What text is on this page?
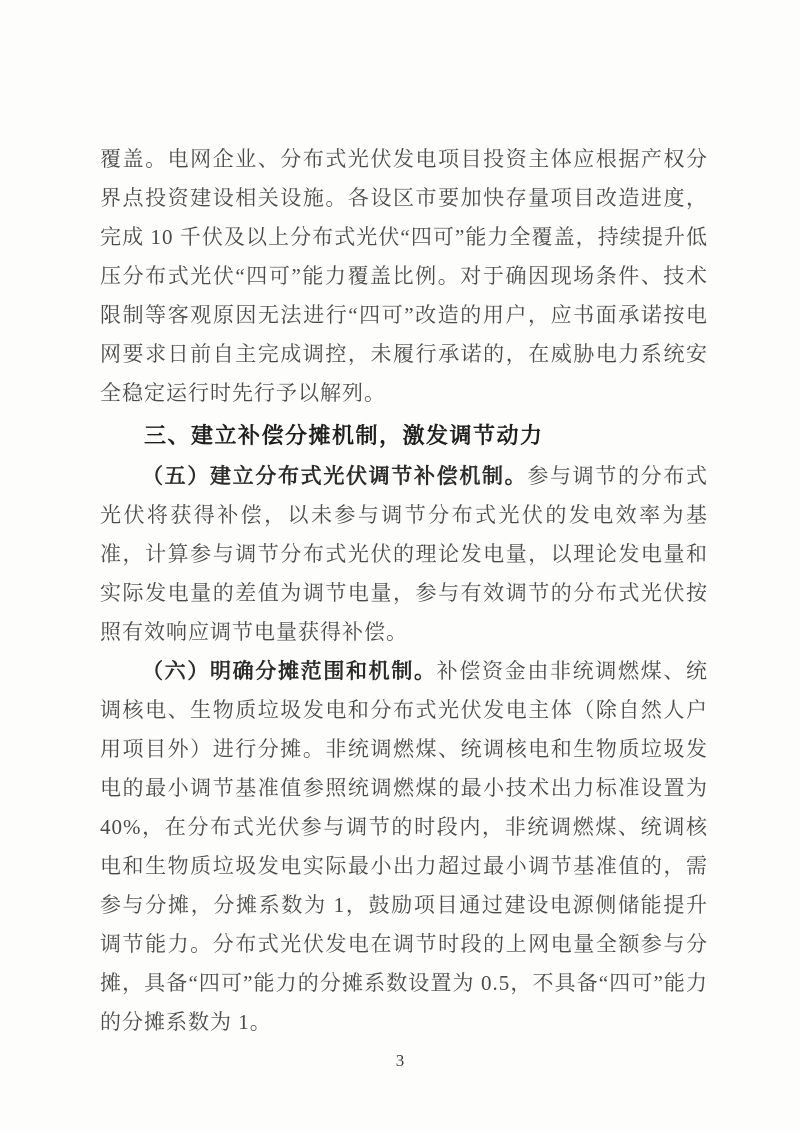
覆盖。电网企业、分布式光伏发电项目投资主体应根据产权分界点投资建设相关设施。各设区市要加快存量项目改造进度，完成 10 千伏及以上分布式光伏“四可”能力全覆盖，持续提升低压分布式光伏“四可”能力覆盖比例。对于确因现场条件、技术限制等客观原因无法进行“四可”改造的用户，应书面承诺按电网要求日前自主完成调控，未履行承诺的，在威胁电力系统安全稳定运行时先行予以解列。

三、建立补偿分摊机制，激发调节动力

（五）建立分布式光伏调节补偿机制。参与调节的分布式光伏将获得补偿，以未参与调节分布式光伏的发电效率为基准，计算参与调节分布式光伏的理论发电量，以理论发电量和实际发电量的差值为调节电量，参与有效调节的分布式光伏按照有效响应调节电量获得补偿。

（六）明确分摊范围和机制。补偿资金由非统调燃煤、统调核电、生物质垃圾发电和分布式光伏发电主体（除自然人户用项目外）进行分摊。非统调燃煤、统调核电和生物质垃圾发电的最小调节基准值参照统调燃煤的最小技术出力标准设置为 40%，在分布式光伏参与调节的时段内，非统调燃煤、统调核电和生物质垃圾发电实际最小出力超过最小调节基准值的，需参与分摊，分摊系数为 1，鼓励项目通过建设电源侧储能提升调节能力。分布式光伏发电在调节时段的上网电量全额参与分摊，具备“四可”能力的分摊系数设置为 0.5，不具备“四可”能力的分摊系数为 1。

3
